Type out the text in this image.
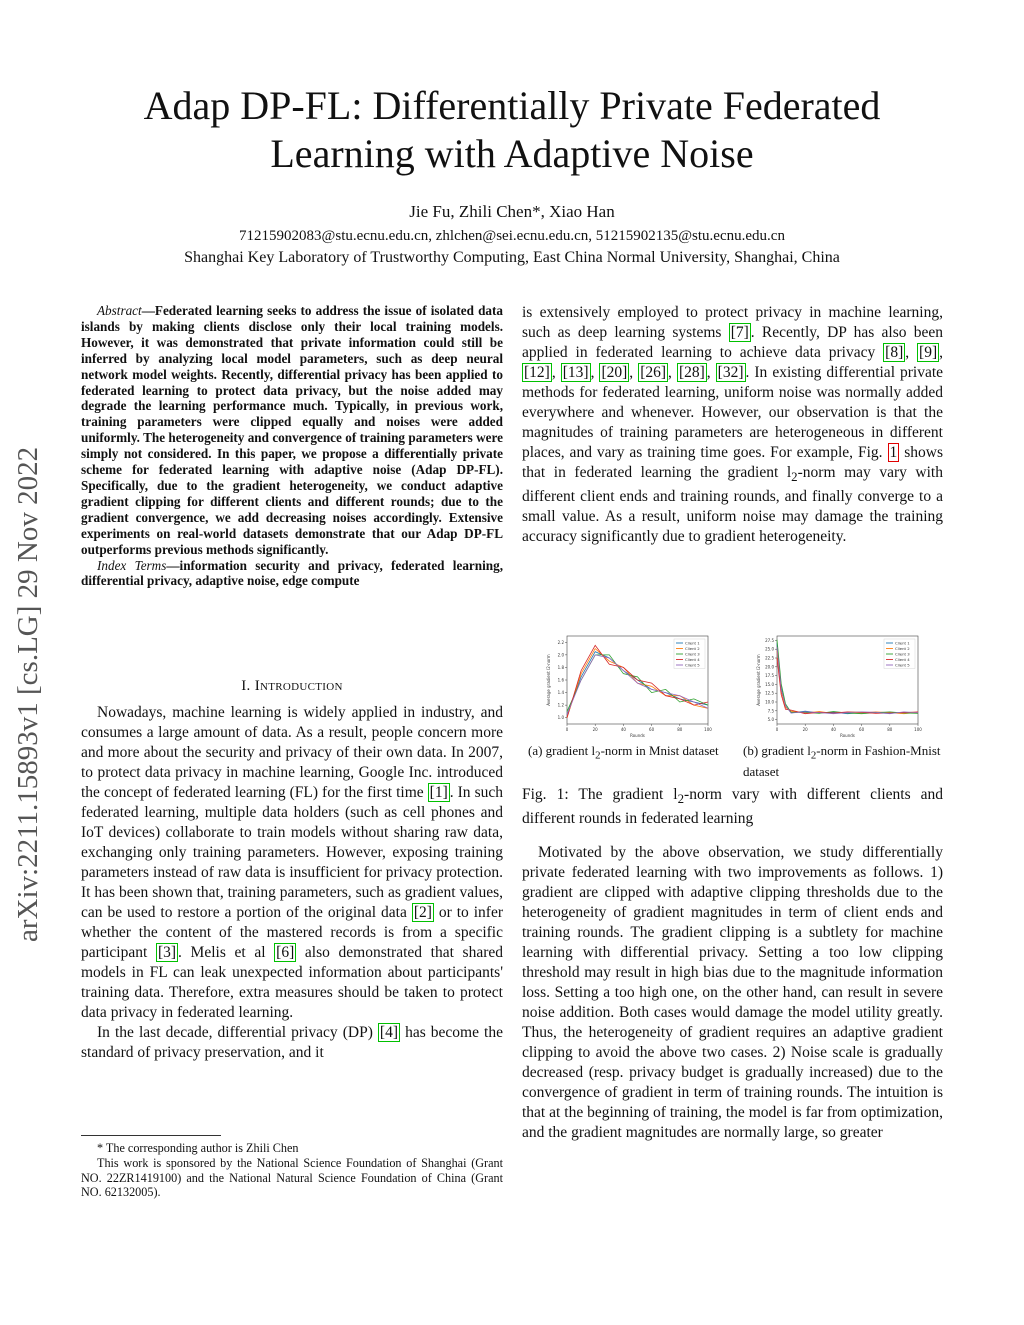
Adap DP-FL: Differentially Private Federated
Learning with Adaptive Noise
Jie Fu, Zhili Chen*, Xiao Han
71215902083@stu.ecnu.edu.cn, zhlchen@sei.ecnu.edu.cn, 51215902135@stu.ecnu.edu.cn
Shanghai Key Laboratory of Trustworthy Computing, East China Normal University, Shanghai, China
arXiv:2211.15893v1 [cs.LG] 29 Nov 2022

Abstract—Federated learning seeks to address the issue of isolated data islands by making clients disclose only their local training models. However, it was demonstrated that private information could still be inferred by analyzing local model parameters, such as deep neural network model weights. Recently, differential privacy has been applied to federated learning to protect data privacy, but the noise added may degrade the learning performance much. Typically, in previous work, training parameters were clipped equally and noises were added uniformly. The heterogeneity and convergence of training parameters were simply not considered. In this paper, we propose a differentially private scheme for federated learning with adaptive noise (Adap DP-FL). Specifically, due to the gradient heterogeneity, we conduct adaptive gradient clipping for different clients and different rounds; due to the gradient convergence, we add decreasing noises accordingly. Extensive experiments on real-world datasets demonstrate that our Adap DP-FL outperforms previous methods significantly.

Index Terms—information security and privacy, federated learning, differential privacy, adaptive noise, edge compute

I. Introduction

Nowadays, machine learning is widely applied in industry, and consumes a large amount of data. As a result, people concern more and more about the security and privacy of their own data. In 2007, to protect data privacy in machine learning, Google Inc. introduced the concept of federated learning (FL) for the first time [1] . In such federated learning, multiple data holders (such as cell phones and IoT devices) collaborate to train models without sharing raw data, exchanging only training parameters. However, exposing training parameters instead of raw data is insufficient for privacy protection. It has been shown that, training parameters, such as gradient values, can be used to restore a portion of the original data [2] or to infer whether the content of the mastered records is from a specific participant [3] . Melis et al [6] also demonstrated that shared models in FL can leak unexpected information about participants' training data. Therefore, extra measures should be taken to protect data privacy in federated learning.

In the last decade, differential privacy (DP) [4] has become the standard of privacy preservation, and it

* The corresponding author is Zhili Chen
This work is sponsored by the National Science Foundation of Shanghai (Grant NO. 22ZR1419100) and the National Natural Science Foundation of China (Grant NO. 62132005).

is extensively employed to protect privacy in machine learning, such as deep learning systems [7] . Recently, DP has also been applied in federated learning to achieve data privacy [8] , [9] , [12] , [13] , [20] , [26] , [28] , [32] . In existing differential private methods for federated learning, uniform noise was normally added everywhere and whenever. However, our observation is that the magnitudes of training parameters are heterogeneous in different places, and vary as training time goes. For example, Fig. 1 shows that in federated learning the gradient $l_2$-norm may vary with different client ends and training rounds, and finally converge to a small value. As a result, uniform noise may damage the training accuracy significantly due to gradient heterogeneity.

1.0
1.2
1.4
1.6
1.8
2.0
2.2
0	20	40	60	80	100
Rounds
Average gradient l2-norm
Client 1
Client 2
Client 3
Client 4
Client 5
5.0
7.5
10.0
12.5
15.0
17.5
20.0
22.5
25.0
27.5
0	20	40	60	80	100
Rounds
Average gradient l2-norm
Client 1
Client 2
Client 3
Client 4
Client 5
(a) gradient $l_2$-norm in Mnist dataset	(b) gradient $l_2$-norm in Fashion-Mnist dataset
Fig. 1: The gradient $l_2$-norm vary with different clients and different rounds in federated learning

Motivated by the above observation, we study differentially private federated learning with two improvements as follows. 1) gradient are clipped with adaptive clipping thresholds due to the heterogeneity of gradient magnitudes in term of client ends and training rounds. The gradient clipping is a subtlety for machine learning with differential privacy. Setting a too low clipping threshold may result in high bias due to the magnitude information loss. Setting a too high one, on the other hand, can result in severe noise addition. Both cases would damage the model utility greatly. Thus, the heterogeneity of gradient requires an adaptive gradient clipping to avoid the above two cases. 2) Noise scale is gradually decreased (resp. privacy budget is gradually increased) due to the convergence of gradient in term of training rounds. The intuition is that at the beginning of training, the model is far from optimization, and the gradient magnitudes are normally large, so greater
